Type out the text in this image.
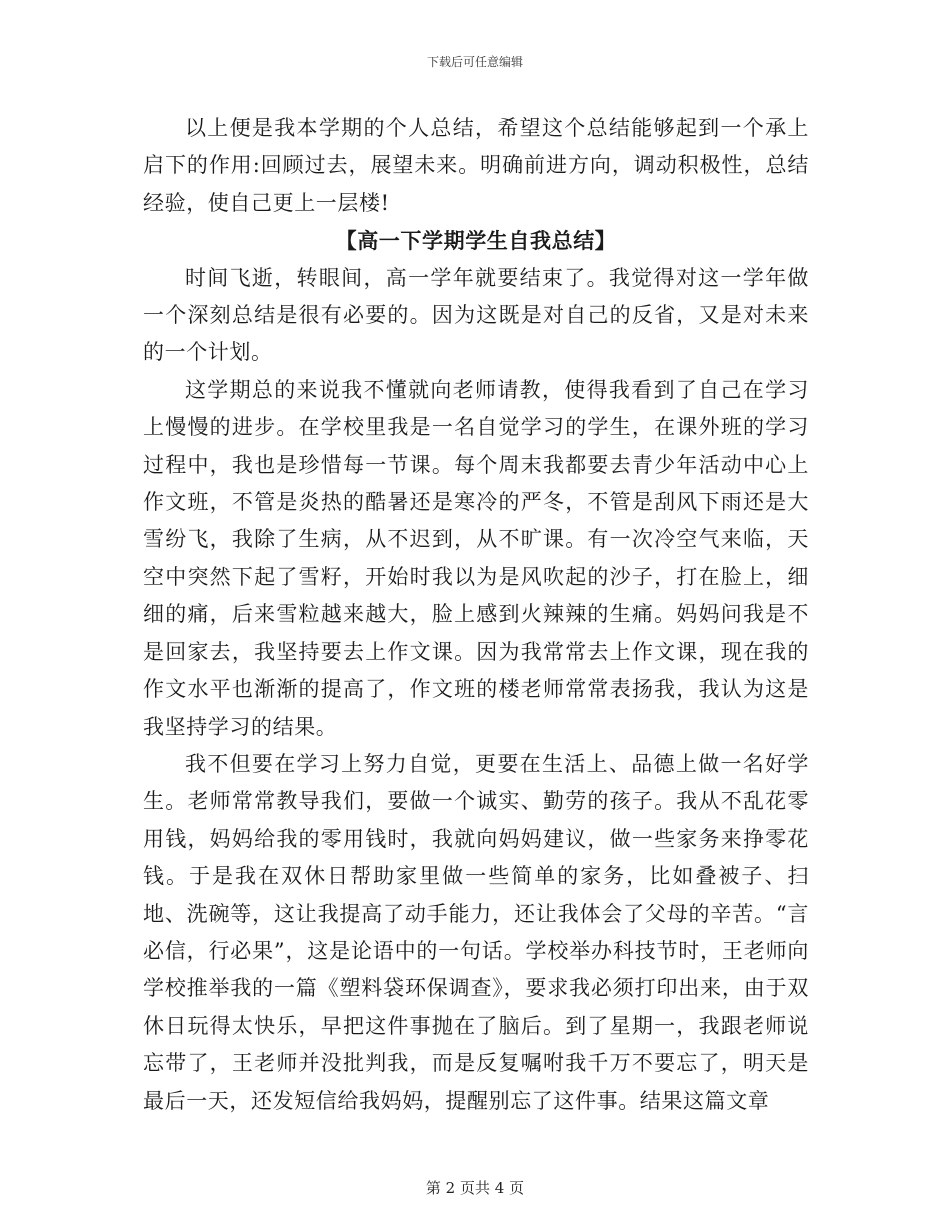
下载后可任意编辑

以上便是我本学期的个人总结，希望这个总结能够起到一个承上启下的作用:回顾过去，展望未来。明确前进方向，调动积极性，总结经验，使自己更上一层楼!

【高一下学期学生自我总结】

时间飞逝，转眼间，高一学年就要结束了。我觉得对这一学年做一个深刻总结是很有必要的。因为这既是对自己的反省，又是对未来的一个计划。

这学期总的来说我不懂就向老师请教，使得我看到了自己在学习上慢慢的进步。在学校里我是一名自觉学习的学生，在课外班的学习过程中，我也是珍惜每一节课。每个周末我都要去青少年活动中心上作文班，不管是炎热的酷暑还是寒冷的严冬，不管是刮风下雨还是大雪纷飞，我除了生病，从不迟到，从不旷课。有一次冷空气来临，天空中突然下起了雪籽，开始时我以为是风吹起的沙子，打在脸上，细细的痛，后来雪粒越来越大，脸上感到火辣辣的生痛。妈妈问我是不是回家去，我坚持要去上作文课。因为我常常去上作文课，现在我的作文水平也渐渐的提高了，作文班的楼老师常常表扬我，我认为这是我坚持学习的结果。

我不但要在学习上努力自觉，更要在生活上、品德上做一名好学生。老师常常教导我们，要做一个诚实、勤劳的孩子。我从不乱花零用钱，妈妈给我的零用钱时，我就向妈妈建议，做一些家务来挣零花钱。于是我在双休日帮助家里做一些简单的家务，比如叠被子、扫地、洗碗等，这让我提高了动手能力，还让我体会了父母的辛苦。“言必信，行必果”，这是论语中的一句话。学校举办科技节时，王老师向学校推举我的一篇《塑料袋环保调查》，要求我必须打印出来，由于双休日玩得太快乐，早把这件事抛在了脑后。到了星期一，我跟老师说忘带了，王老师并没批判我，而是反复嘱咐我千万不要忘了，明天是最后一天，还发短信给我妈妈，提醒别忘了这件事。结果这篇文章

第 2 页共 4 页
